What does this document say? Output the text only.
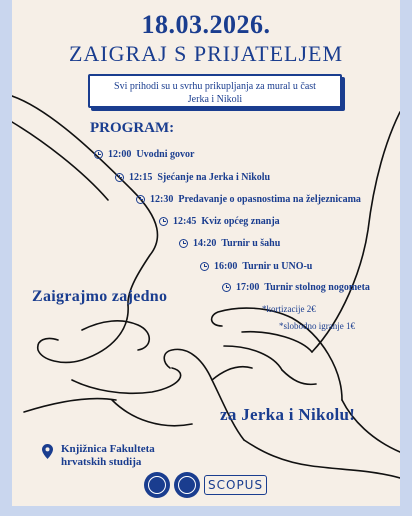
18.03.2026.
ZAIGRAJ S PRIJATELJEM
Svi prihodi su u svrhu prikupljanja za mural u čast
Jerka i Nikoli
PROGRAM:
12:00 Uvodni govor
12:15 Sjećanje na Jerka i Nikolu
12:30 Predavanje o opasnostima na željeznicama
12:45 Kviz općeg znanja
14:20 Turnir u šahu
16:00 Turnir u UNO-u
17:00 Turnir stolnog nogometa
*kortizacije 2€
*slobodno igranje 1€
Zaigrajmo zajedno
za Jerka i Nikolu!
Knjižnica Fakulteta
hrvatskih studija
SCOPUS
